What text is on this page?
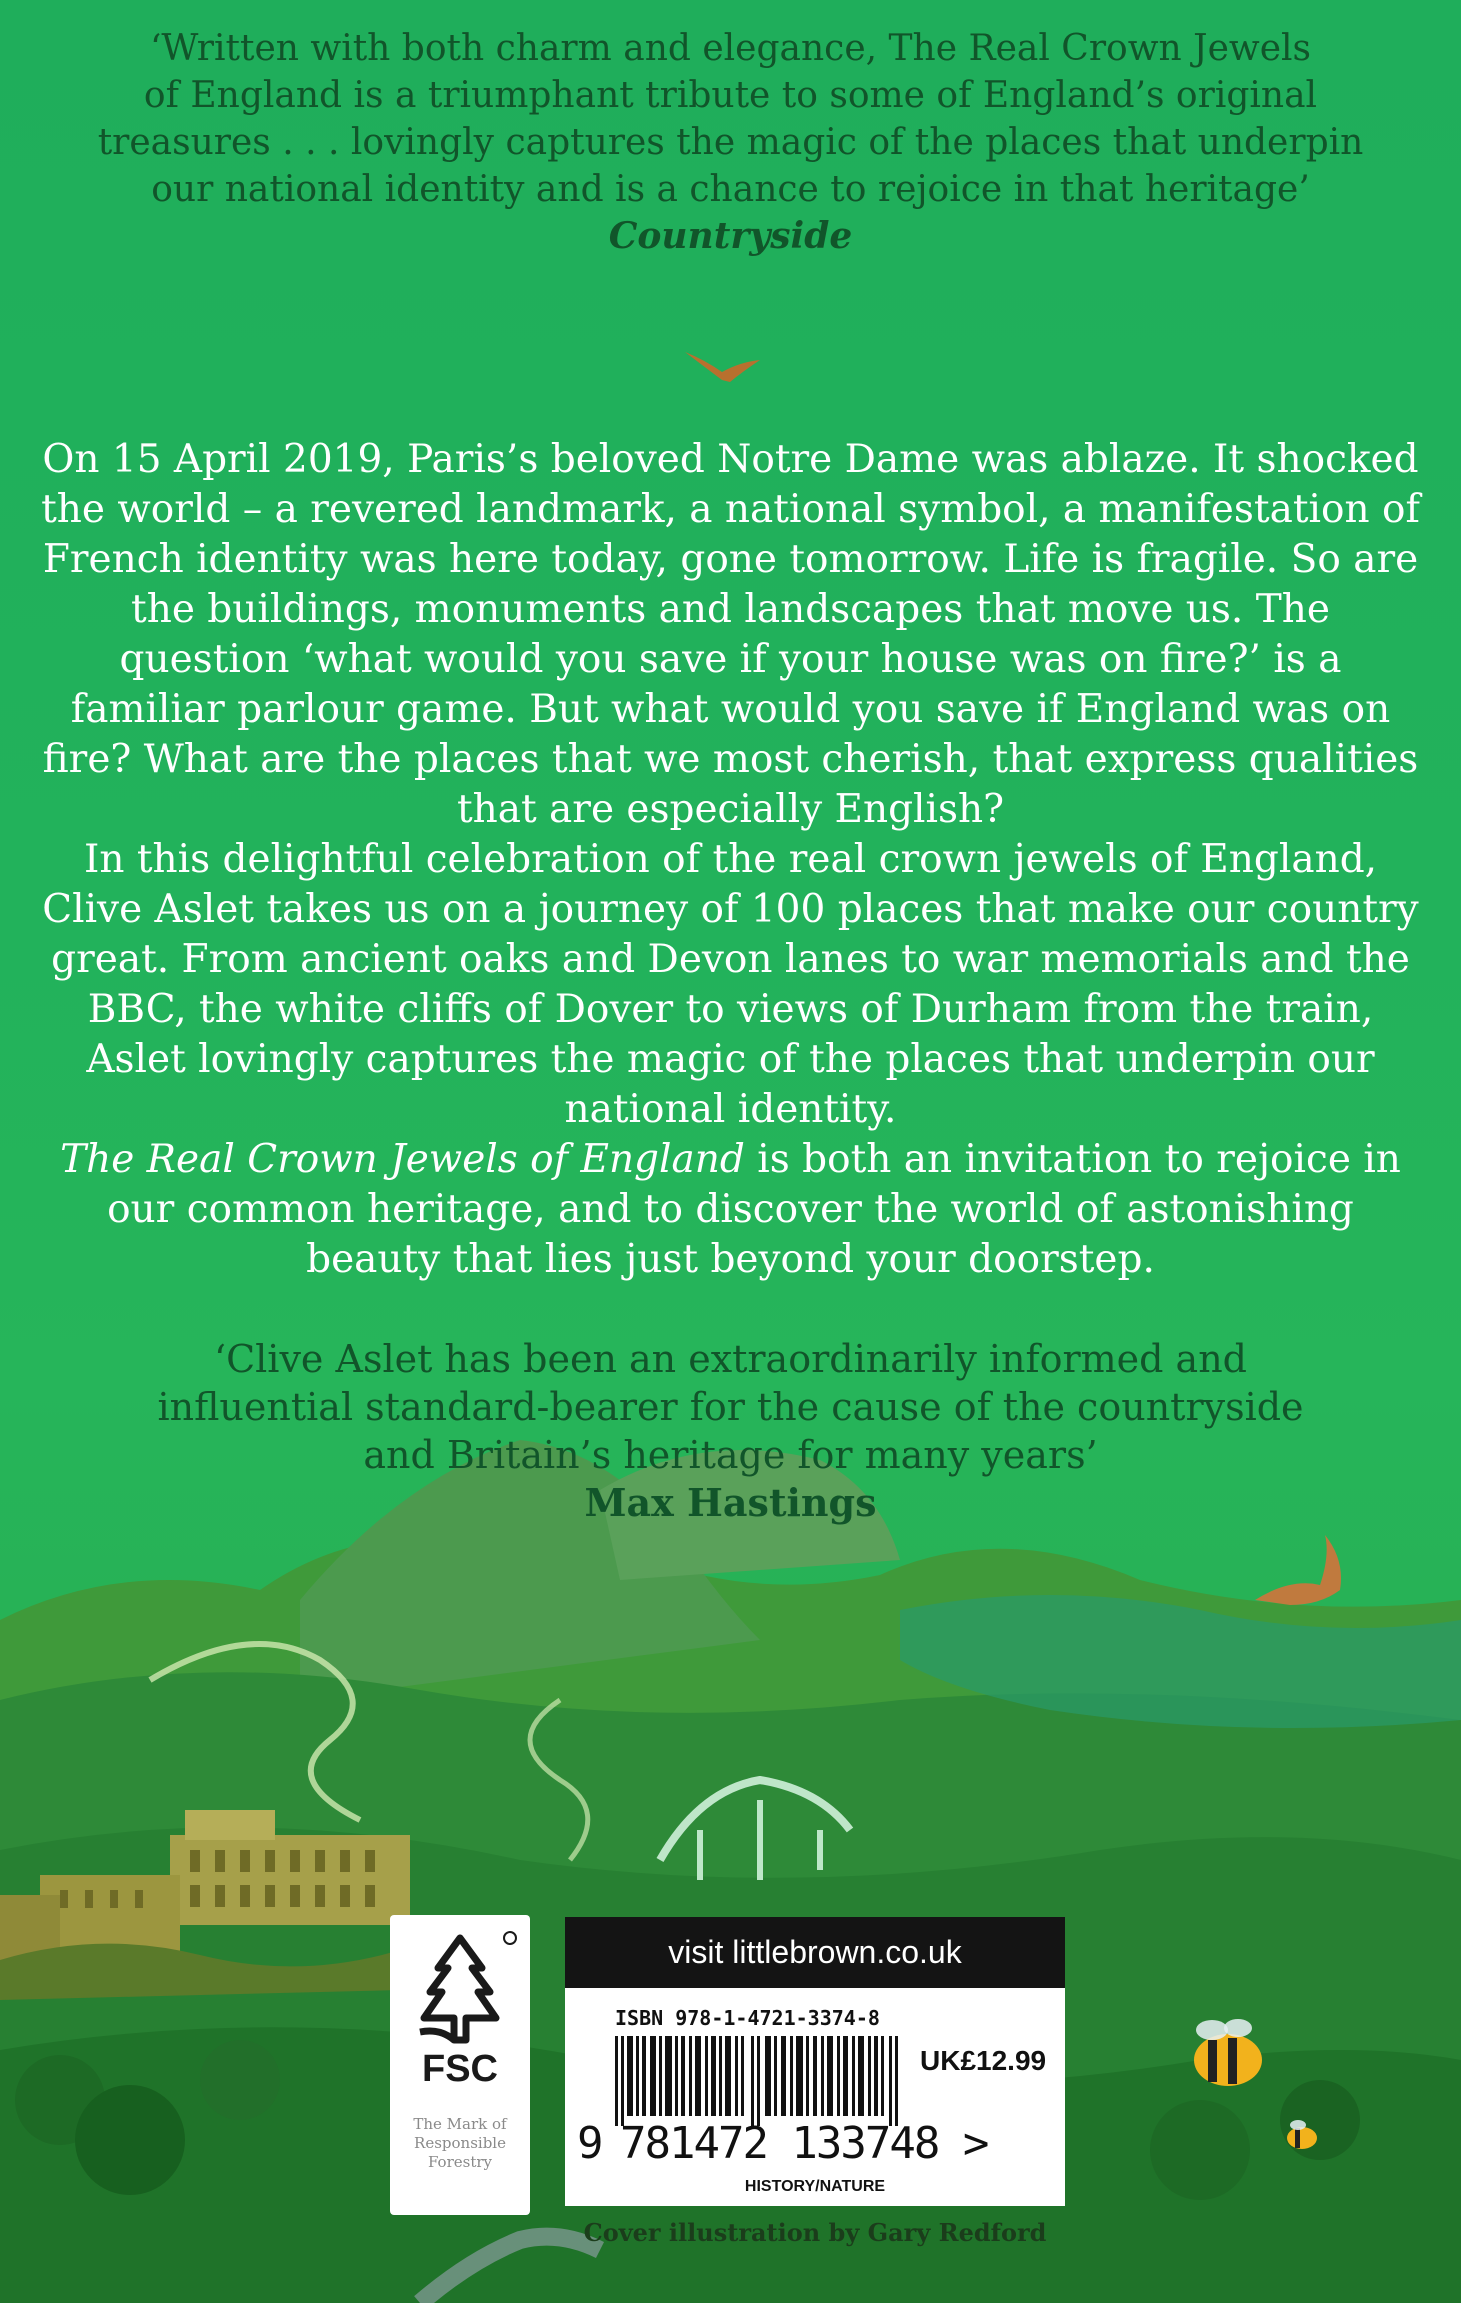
‘Written with both charm and elegance, The Real Crown Jewels
of England is a triumphant tribute to some of England’s original
treasures . . . lovingly captures the magic of the places that underpin
our national identity and is a chance to rejoice in that heritage’
Countryside
On 15 April 2019, Paris’s beloved Notre Dame was ablaze. It shocked the world – a revered landmark, a national symbol, a manifestation of French identity was here today, gone tomorrow. Life is fragile. So are the buildings, monuments and landscapes that move us. The question ‘what would you save if your house was on fire?’ is a familiar parlour game. But what would you save if England was on fire? What are the places that we most cherish, that express qualities that are especially English?
In this delightful celebration of the real crown jewels of England, Clive Aslet takes us on a journey of 100 places that make our country great. From ancient oaks and Devon lanes to war memorials and the BBC, the white cliffs of Dover to views of Durham from the train, Aslet lovingly captures the magic of the places that underpin our national identity.
The Real Crown Jewels of England is both an invitation to rejoice in our common heritage, and to discover the world of astonishing beauty that lies just beyond your doorstep.
‘Clive Aslet has been an extraordinarily informed and
influential standard-bearer for the cause of the countryside
and Britain’s heritage for many years’
Max Hastings
FSC
The Mark of Responsible Forestry
visit littlebrown.co.uk
ISBN 978-1-4721-3374-8
UK£12.99
9 781472 133748 >
HISTORY/NATURE
Cover illustration by Gary Redford
